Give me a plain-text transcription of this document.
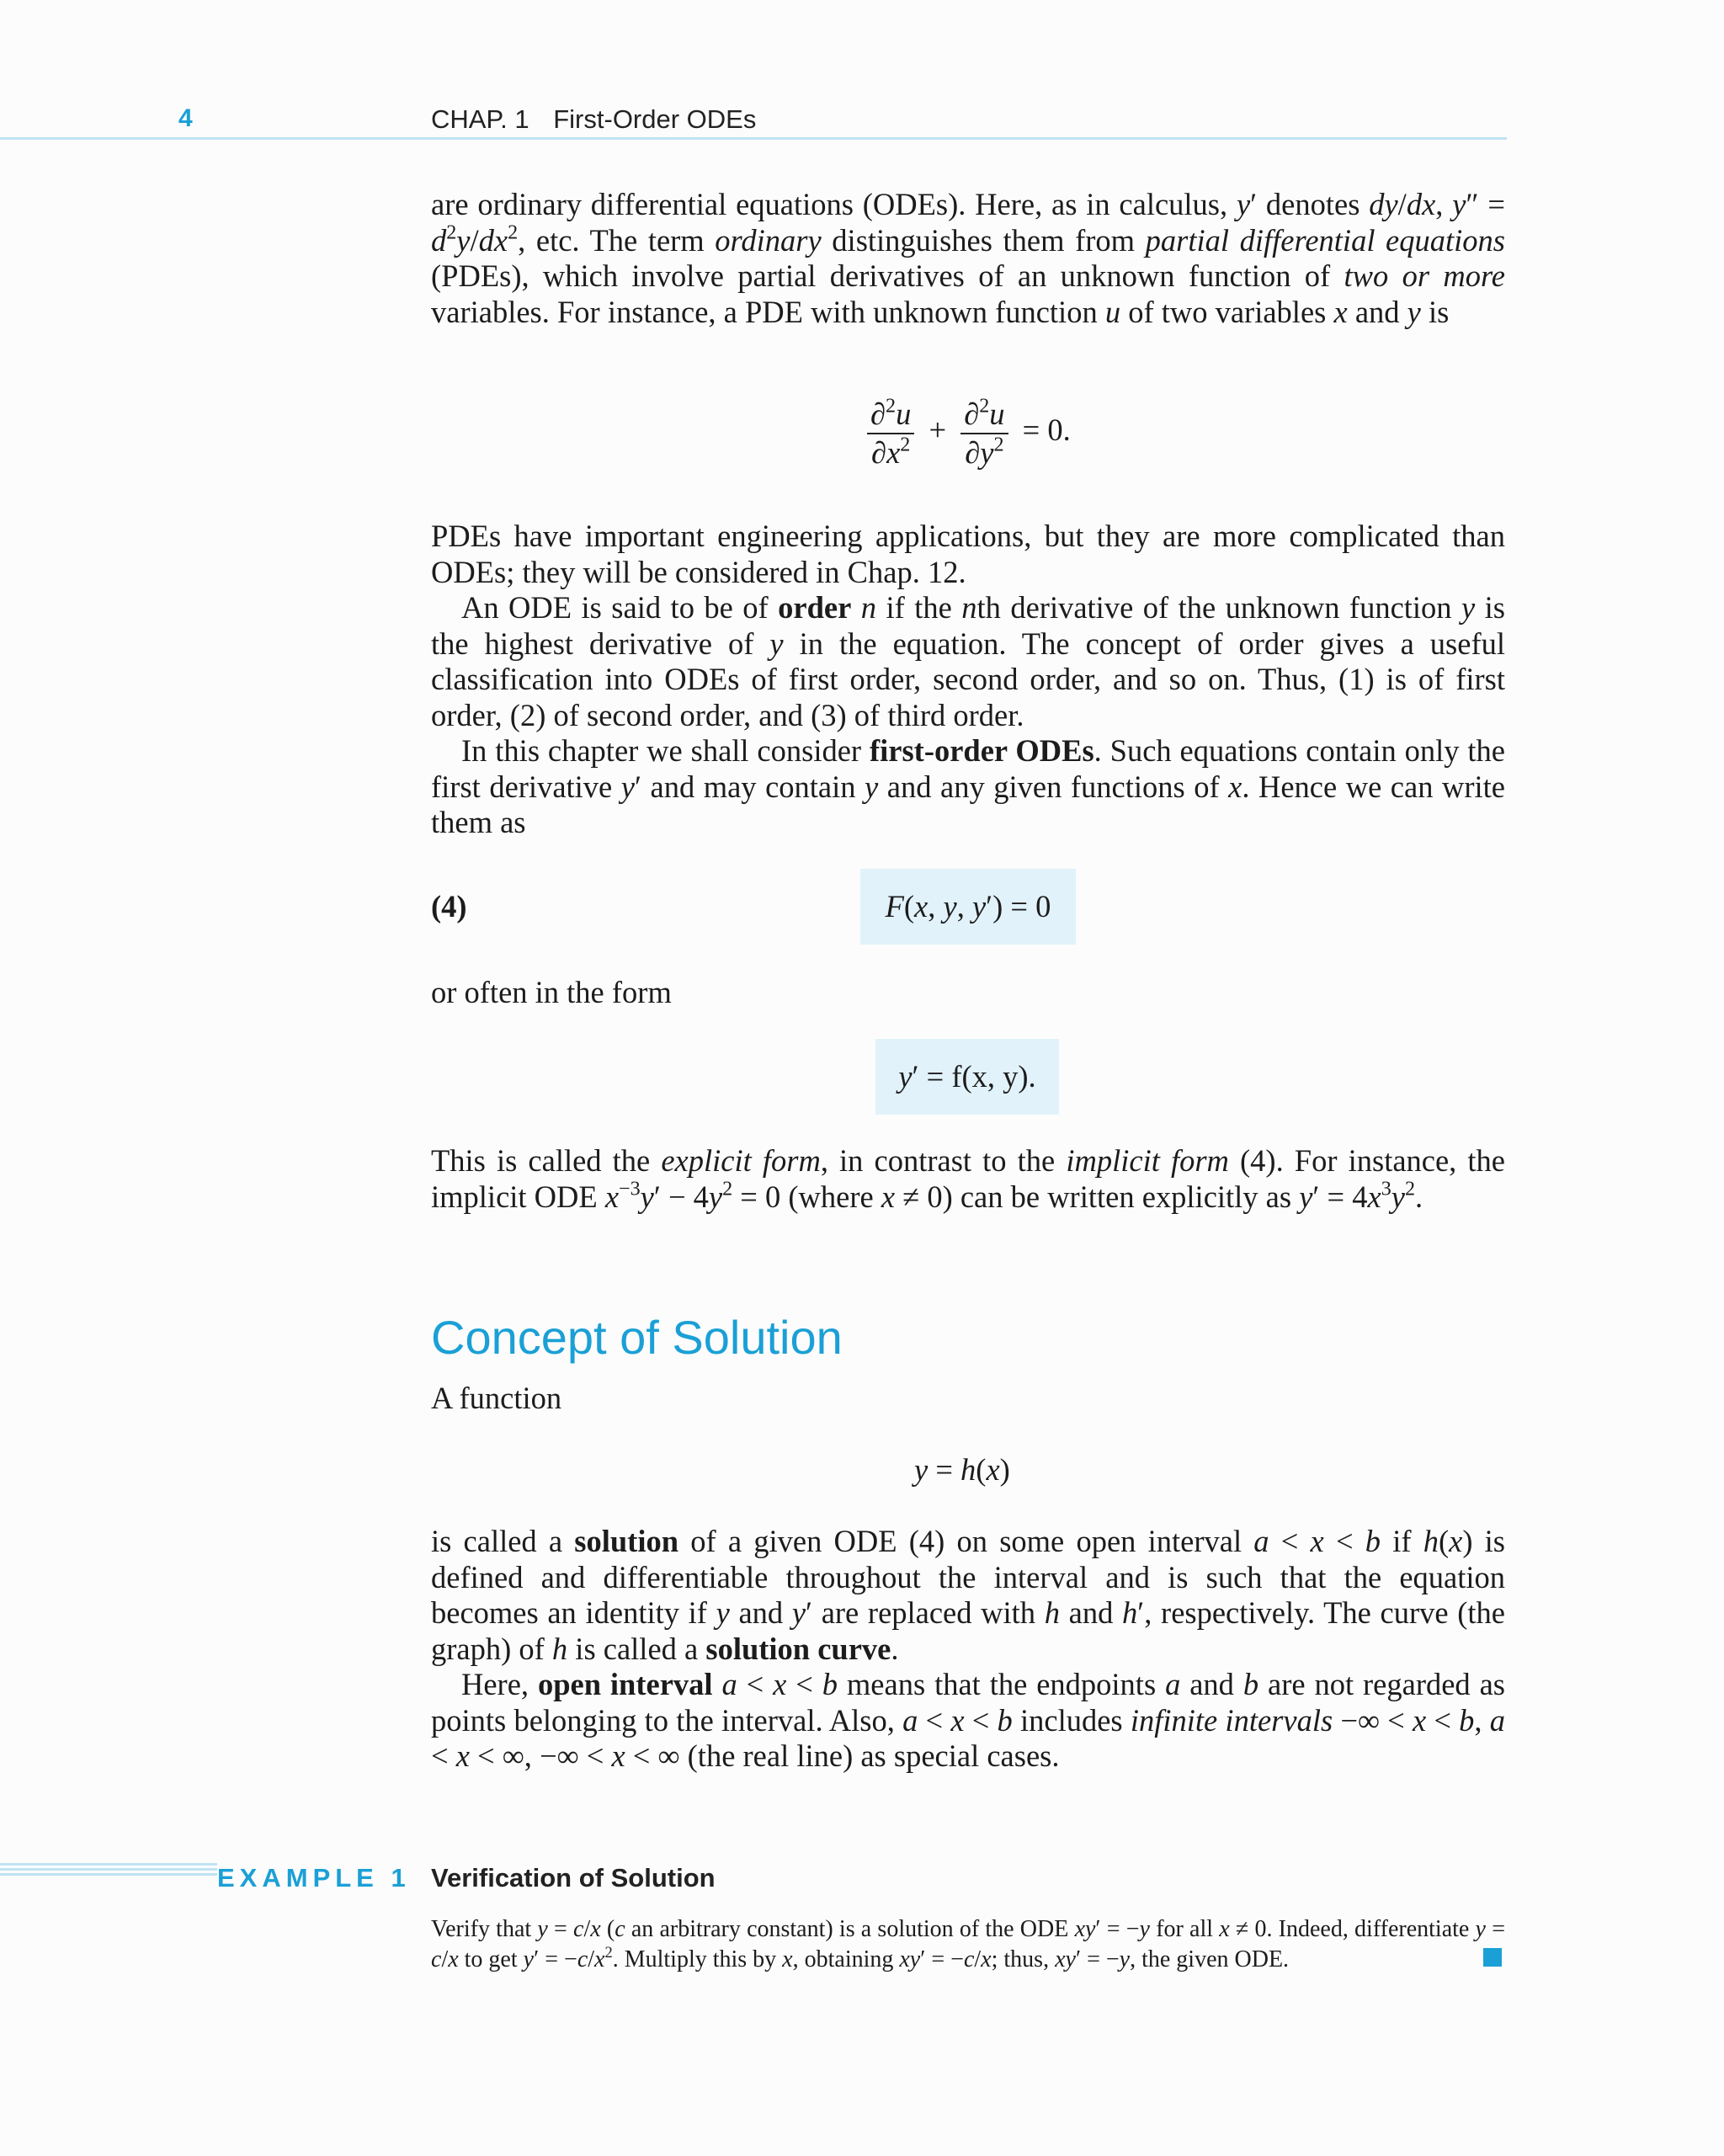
4	CHAP. 1 First-Order ODEs

are ordinary differential equations (ODEs). Here, as in calculus, y′ denotes dy/dx, $y'' = d^2y/dx^2$, etc. The term ordinary distinguishes them from partial differential equations (PDEs), which involve partial derivatives of an unknown function of two or more variables. For instance, a PDE with unknown function u of two variables x and y is

$\frac{\partial^2u}{\partial x^2} + \frac{\partial^2u}{\partial y^2} = 0$.

PDEs have important engineering applications, but they are more complicated than ODEs; they will be considered in Chap. 12.

An ODE is said to be of order n if the nth derivative of the unknown function y is the highest derivative of y in the equation. The concept of order gives a useful classification into ODEs of first order, second order, and so on. Thus, (1) is of first order, (2) of second order, and (3) of third order.

In this chapter we shall consider first-order ODEs. Such equations contain only the first derivative y′ and may contain y and any given functions of x. Hence we can write them as

(4)	F(x, y, y′) = 0

or often in the form

y′ = f(x, y).

This is called the explicit form, in contrast to the implicit form (4). For instance, the implicit ODE $x^{-3}y' - 4y^2 = 0$ (where x ≠ 0) can be written explicitly as $y' = 4x^3y^2$.

Concept of Solution

A function

y = h(x)

is called a solution of a given ODE (4) on some open interval a < x < b if h(x) is defined and differentiable throughout the interval and is such that the equation becomes an identity if y and y′ are replaced with h and h′, respectively. The curve (the graph) of h is called a solution curve.

Here, open interval a < x < b means that the endpoints a and b are not regarded as points belonging to the interval. Also, a < x < b includes infinite intervals −∞ < x < b, a < x < ∞, −∞ < x < ∞ (the real line) as special cases.

EXAMPLE 1 Verification of Solution

Verify that y = c/x (c an arbitrary constant) is a solution of the ODE xy′ = −y for all x ≠ 0. Indeed, differentiate y = c/x to get $y' = -c/x^2$. Multiply this by x, obtaining xy′ = −c/x; thus, xy′ = −y, the given ODE.
